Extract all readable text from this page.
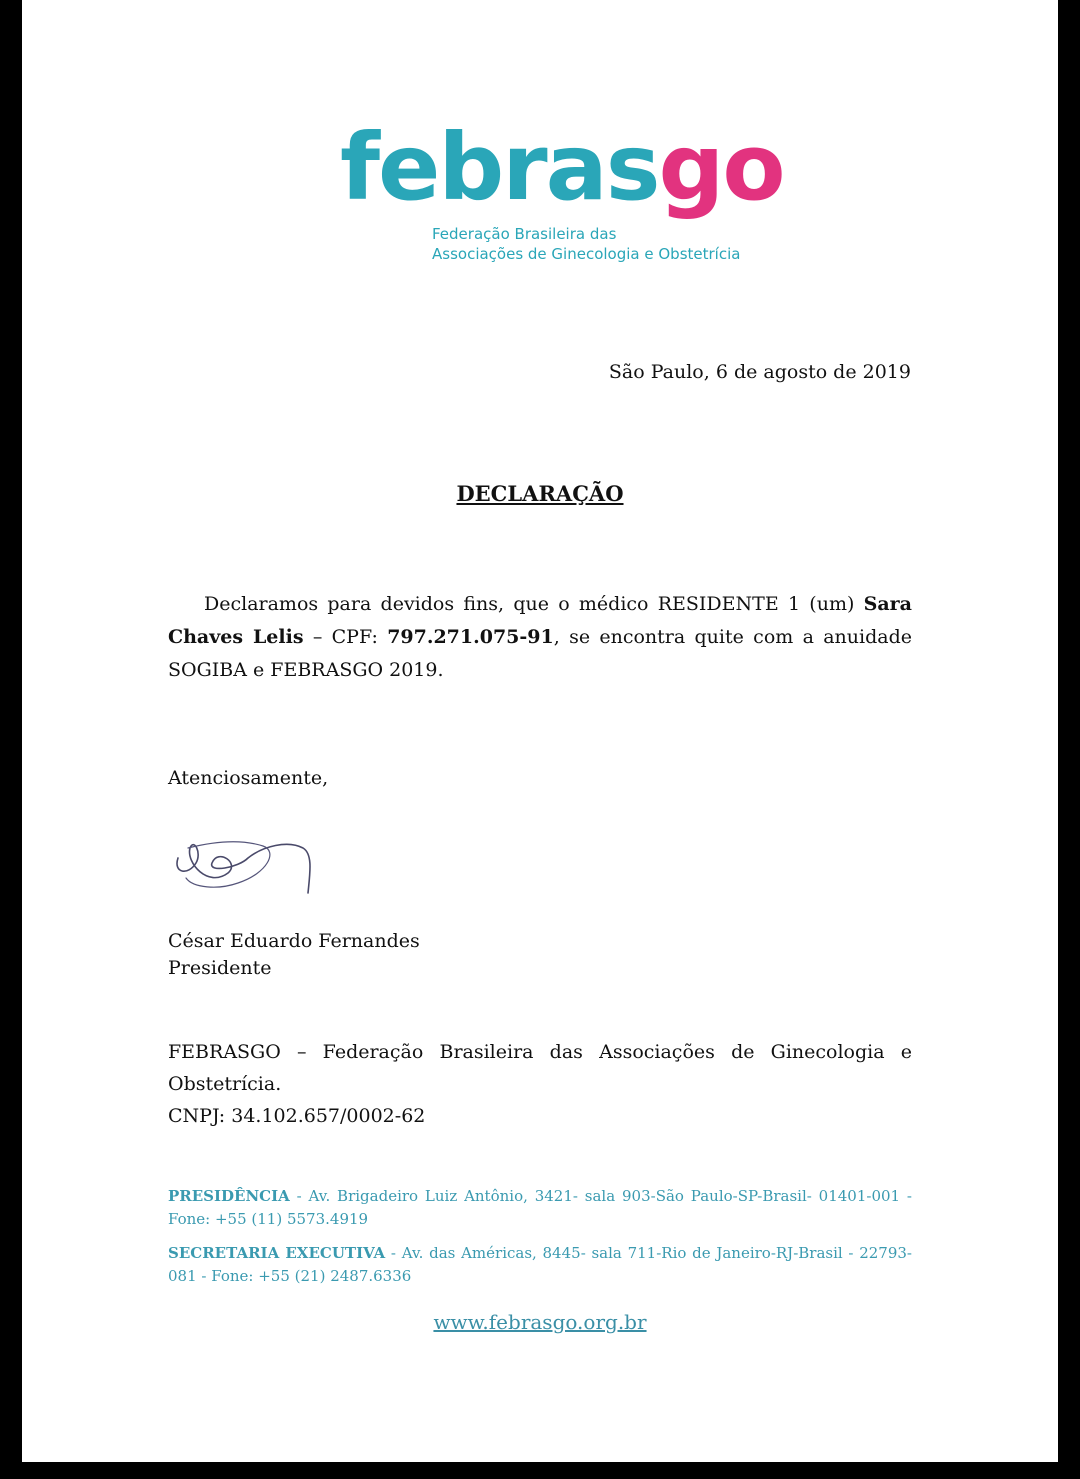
febrasgo
Federação Brasileira das
Associações de Ginecologia e Obstetrícia
São Paulo, 6 de agosto de 2019
DECLARAÇÃO
Declaramos para devidos fins, que o médico RESIDENTE 1 (um) Sara Chaves Lelis – CPF: 797.271.075-91, se encontra quite com a anuidade SOGIBA e FEBRASGO 2019.
Atenciosamente,
César Eduardo Fernandes
Presidente
FEBRASGO – Federação Brasileira das Associações de Ginecologia e Obstetrícia.
CNPJ: 34.102.657/0002-62
PRESIDÊNCIA - Av. Brigadeiro Luiz Antônio, 3421- sala 903-São Paulo-SP-Brasil- 01401-001 - Fone: +55 (11) 5573.4919
SECRETARIA EXECUTIVA - Av. das Américas, 8445- sala 711-Rio de Janeiro-RJ-Brasil - 22793-081 - Fone: +55 (21) 2487.6336
www.febrasgo.org.br
